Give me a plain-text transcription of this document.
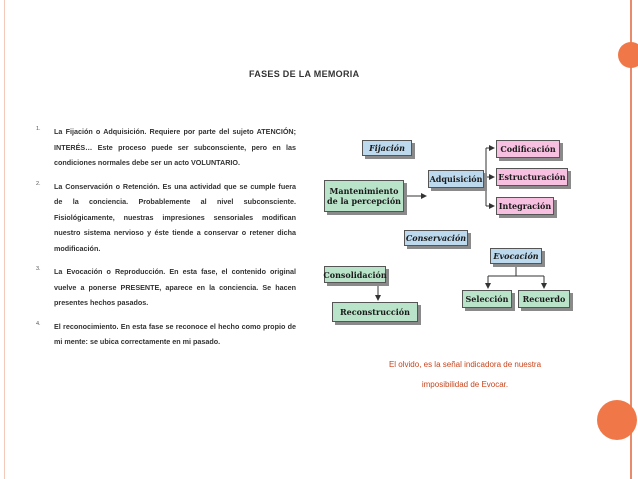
FASES DE LA MEMORIA
1. La Fijación o Adquisición. Requiere por parte del sujeto ATENCIÓN; INTERÉS… Este proceso puede ser subconsciente, pero en las condiciones normales debe ser un acto VOLUNTARIO.
2. La Conservación o Retención. Es una actividad que se cumple fuera de la conciencia. Probablemente al nivel subconsciente. Fisiológicamente, nuestras impresiones sensoriales modifican nuestro sistema nervioso y éste tiende a conservar o retener dicha modificación.
3. La Evocación o Reproducción. En esta fase, el contenido original vuelve a ponerse PRESENTE, aparece en la conciencia. Se hacen presentes hechos pasados.
4. El reconocimiento. En esta fase se reconoce el hecho como propio de mi mente: se ubica correctamente en mi pasado.
Fijación
Mantenimiento
de la percepción
Adquisición
Codificación
Estructuración
Integración
Conservación
Evocación
Consolidación
Reconstrucción
Selección Recuerdo
El olvido, es la señal indicadora de nuestra
imposibilidad de Evocar.
